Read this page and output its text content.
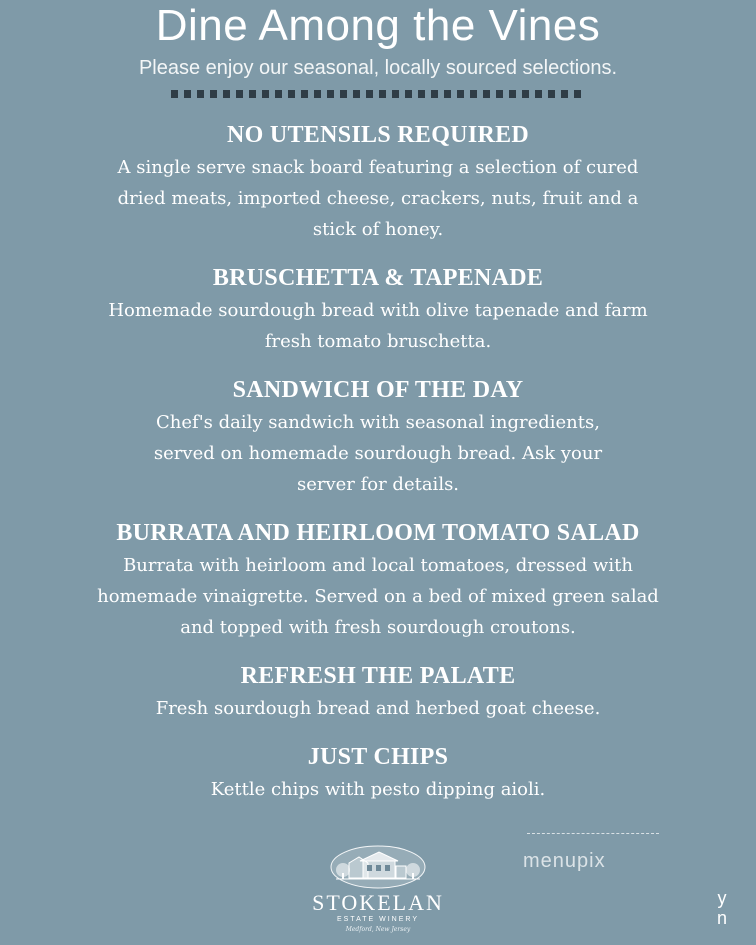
Dine Among the Vines
Please enjoy our seasonal, locally sourced selections.
NO UTENSILS REQUIRED
A single serve snack board featuring a selection of cured
dried meats, imported cheese, crackers, nuts, fruit and a
stick of honey.
BRUSCHETTA & TAPENADE
Homemade sourdough bread with olive tapenade and farm
fresh tomato bruschetta.
SANDWICH OF THE DAY
Chef's daily sandwich with seasonal ingredients,
served on homemade sourdough bread. Ask your
server for details.
BURRATA AND HEIRLOOM TOMATO SALAD
Burrata with heirloom and local tomatoes, dressed with
homemade vinaigrette. Served on a bed of mixed green salad
and topped with fresh sourdough croutons.
REFRESH THE PALATE
Fresh sourdough bread and herbed goat cheese.
JUST CHIPS
Kettle chips with pesto dipping aioli.
STOKELAN
ESTATE WINERY
Medford, New Jersey
menupix
y
n
